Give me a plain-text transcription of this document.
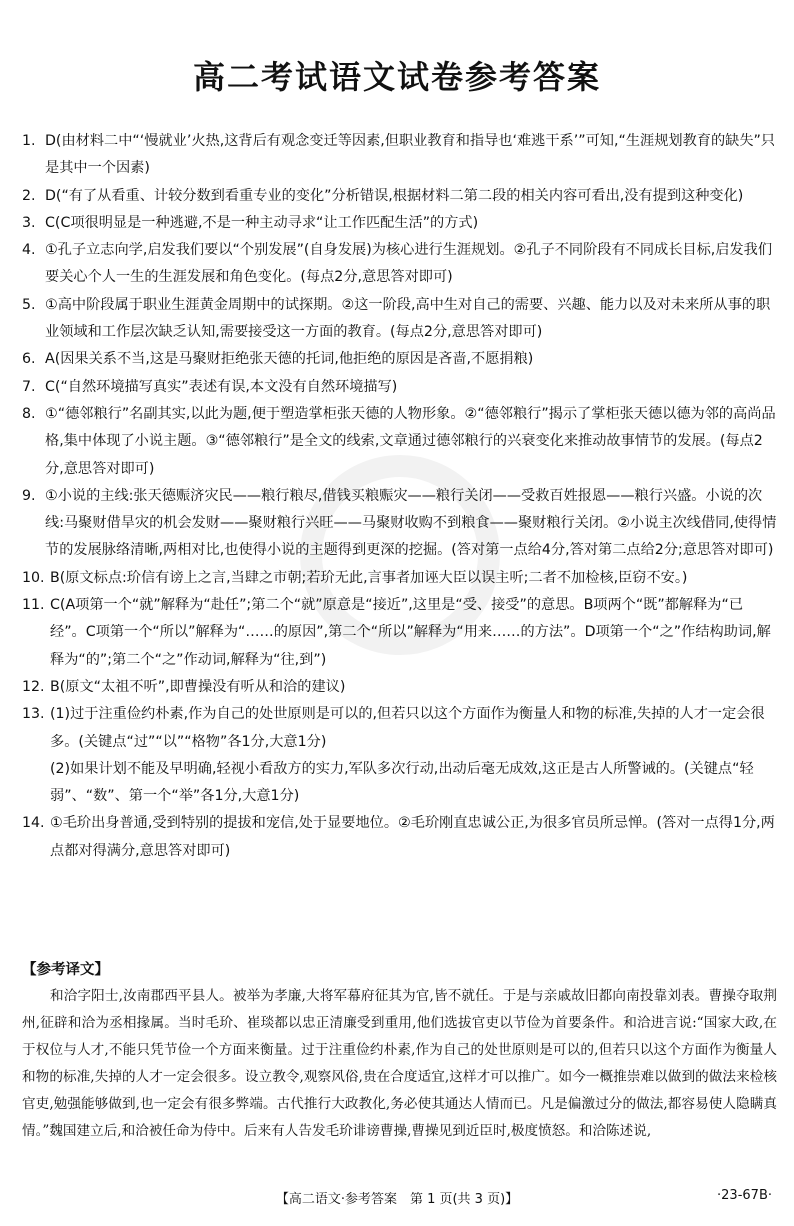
高二考试语文试卷参考答案
1. D(由材料二中“‘慢就业’火热,这背后有观念变迁等因素,但职业教育和指导也‘难逃干系’”可知,“生涯规划教育的缺失”只是其中一个因素)
2. D(“有了从看重、计较分数到看重专业的变化”分析错误,根据材料二第二段的相关内容可看出,没有提到这种变化)
3. C(C项很明显是一种逃避,不是一种主动寻求“让工作匹配生活”的方式)
4. ①孔子立志向学,启发我们要以“个别发展”(自身发展)为核心进行生涯规划。②孔子不同阶段有不同成长目标,启发我们要关心个人一生的生涯发展和角色变化。(每点2分,意思答对即可)
5. ①高中阶段属于职业生涯黄金周期中的试探期。②这一阶段,高中生对自己的需要、兴趣、能力以及对未来所从事的职业领域和工作层次缺乏认知,需要接受这一方面的教育。(每点2分,意思答对即可)
6. A(因果关系不当,这是马聚财拒绝张天德的托词,他拒绝的原因是吝啬,不愿捐粮)
7. C(“自然环境描写真实”表述有误,本文没有自然环境描写)
8. ①“德邻粮行”名副其实,以此为题,便于塑造掌柜张天德的人物形象。②“德邻粮行”揭示了掌柜张天德以德为邻的高尚品格,集中体现了小说主题。③“德邻粮行”是全文的线索,文章通过德邻粮行的兴衰变化来推动故事情节的发展。(每点2分,意思答对即可)
9. ①小说的主线:张天德赈济灾民——粮行粮尽,借钱买粮赈灾——粮行关闭——受救百姓报恩——粮行兴盛。小说的次线:马聚财借旱灾的机会发财——聚财粮行兴旺——马聚财收购不到粮食——聚财粮行关闭。②小说主次线借同,使得情节的发展脉络清晰,两相对比,也使得小说的主题得到更深的挖掘。(答对第一点给4分,答对第二点给2分;意思答对即可)
10. B(原文标点:玠信有谤上之言,当肆之市朝;若玠无此,言事者加诬大臣以误主听;二者不加检核,臣窃不安。)
11. C(A项第一个“就”解释为“赴任”;第二个“就”原意是“接近”,这里是“受、接受”的意思。B项两个“既”都解释为“已经”。C项第一个“所以”解释为“……的原因”,第二个“所以”解释为“用来……的方法”。D项第一个“之”作结构助词,解释为“的”;第二个“之”作动词,解释为“往,到”)
12. B(原文“太祖不听”,即曹操没有听从和洽的建议)
13. (1)过于注重俭约朴素,作为自己的处世原则是可以的,但若只以这个方面作为衡量人和物的标准,失掉的人才一定会很多。(关键点“过”“以”“格物”各1分,大意1分)
(2)如果计划不能及早明确,轻视小看敌方的实力,军队多次行动,出动后毫无成效,这正是古人所警诫的。(关键点“轻弱”、“数”、第一个“举”各1分,大意1分)
14. ①毛玠出身普通,受到特别的提拔和宠信,处于显要地位。②毛玠刚直忠诚公正,为很多官员所忌惮。(答对一点得1分,两点都对得满分,意思答对即可)
【参考译文】
和洽字阳士,汝南郡西平县人。被举为孝廉,大将军幕府征其为官,皆不就任。于是与亲戚故旧都向南投靠刘表。曹操夺取荆州,征辟和洽为丞相掾属。当时毛玠、崔琰都以忠正清廉受到重用,他们选拔官吏以节俭为首要条件。和洽进言说:“国家大政,在于权位与人才,不能只凭节俭一个方面来衡量。过于注重俭约朴素,作为自己的处世原则是可以的,但若只以这个方面作为衡量人和物的标准,失掉的人才一定会很多。设立教令,观察风俗,贵在合度适宜,这样才可以推广。如今一概推崇难以做到的做法来检核官吏,勉强能够做到,也一定会有很多弊端。古代推行大政教化,务必使其通达人情而已。凡是偏激过分的做法,都容易使人隐瞒真情。”魏国建立后,和洽被任命为侍中。后来有人告发毛玠诽谤曹操,曹操见到近臣时,极度愤怒。和洽陈述说,
【高二语文·参考答案　第 1 页(共 3 页)】	·23-67B·
